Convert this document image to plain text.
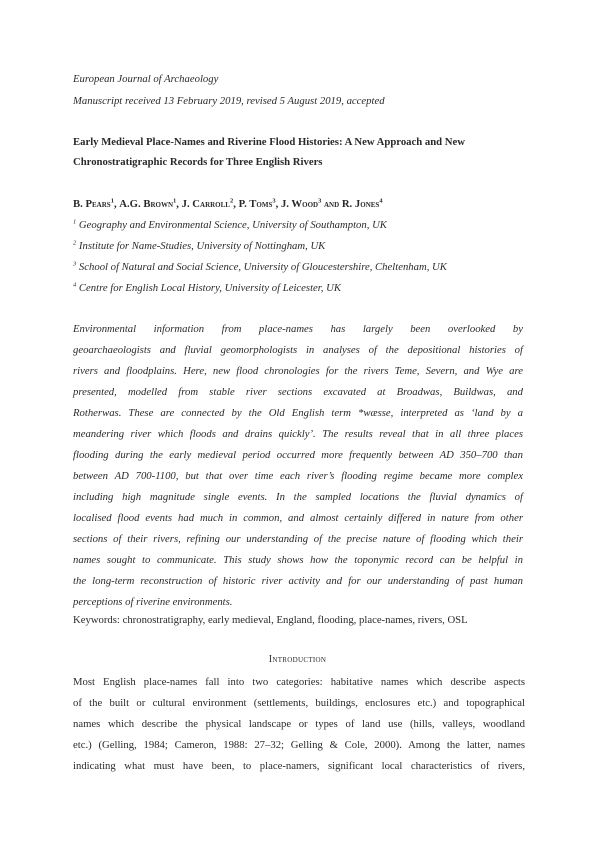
European Journal of Archaeology
Manuscript received 13 February 2019, revised 5 August 2019, accepted
Early Medieval Place-Names and Riverine Flood Histories: A New Approach and New
Chronostratigraphic Records for Three English Rivers
B. Pears$^1$, A.G. Brown$^1$, J. Carroll$^2$, P. Toms$^3$, J. Wood$^3$ and R. Jones$^4$
$^1$ Geography and Environmental Science, University of Southampton, UK
$^2$ Institute for Name-Studies, University of Nottingham, UK
$^3$ School of Natural and Social Science, University of Gloucestershire, Cheltenham, UK
$^4$ Centre for English Local History, University of Leicester, UK
Environmental information from place-names has largely been overlooked by
geoarchaeologists and fluvial geomorphologists in analyses of the depositional histories of
rivers and floodplains. Here, new flood chronologies for the rivers Teme, Severn, and Wye are
presented, modelled from stable river sections excavated at Broadwas, Buildwas, and
Rotherwas. These are connected by the Old English term *wæsse, interpreted as ‘land by a
meandering river which floods and drains quickly’. The results reveal that in all three places
flooding during the early medieval period occurred more frequently between AD 350–700 than
between AD 700-1100, but that over time each river’s flooding regime became more complex
including high magnitude single events. In the sampled locations the fluvial dynamics of
localised flood events had much in common, and almost certainly differed in nature from other
sections of their rivers, refining our understanding of the precise nature of flooding which their
names sought to communicate. This study shows how the toponymic record can be helpful in
the long-term reconstruction of historic river activity and for our understanding of past human
perceptions of riverine environments.
Keywords: chronostratigraphy, early medieval, England, flooding, place-names, rivers, OSL
Introduction
Most English place-names fall into two categories: habitative names which describe aspects
of the built or cultural environment (settlements, buildings, enclosures etc.) and topographical
names which describe the physical landscape or types of land use (hills, valleys, woodland
etc.) (Gelling, 1984; Cameron, 1988: 27–32; Gelling & Cole, 2000). Among the latter, names
indicating what must have been, to place-namers, significant local characteristics of rivers,
